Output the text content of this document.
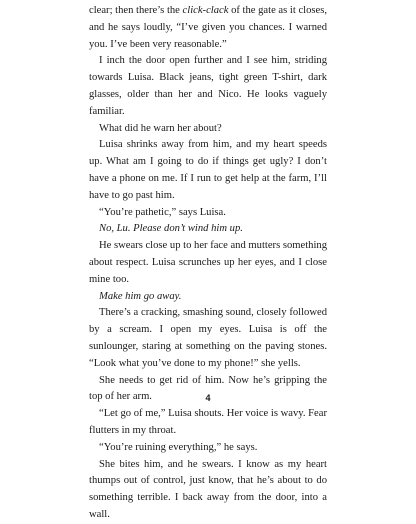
clear; then there’s the click-clack of the gate as it closes, and he says loudly, “I’ve given you chances. I warned you. I’ve been very reasonable.”

I inch the door open further and I see him, striding towards Luisa. Black jeans, tight green T-shirt, dark glasses, older than her and Nico. He looks vaguely familiar.

What did he warn her about?

Luisa shrinks away from him, and my heart speeds up. What am I going to do if things get ugly? I don’t have a phone on me. If I run to get help at the farm, I’ll have to go past him.

“You’re pathetic,” says Luisa.

No, Lu. Please don’t wind him up.

He swears close up to her face and mutters something about respect. Luisa scrunches up her eyes, and I close mine too.

Make him go away.

There’s a cracking, smashing sound, closely followed by a scream. I open my eyes. Luisa is off the sunlounger, staring at something on the paving stones. “Look what you’ve done to my phone!” she yells.

She needs to get rid of him. Now he’s gripping the top of her arm.

“Let go of me,” Luisa shouts. Her voice is wavy. Fear flutters in my throat.

“You’re ruining everything,” he says.

She bites him, and he swears. I know as my heart thumps out of control, just know, that he’s about to do something terrible. I back away from the door, into a wall.

4
